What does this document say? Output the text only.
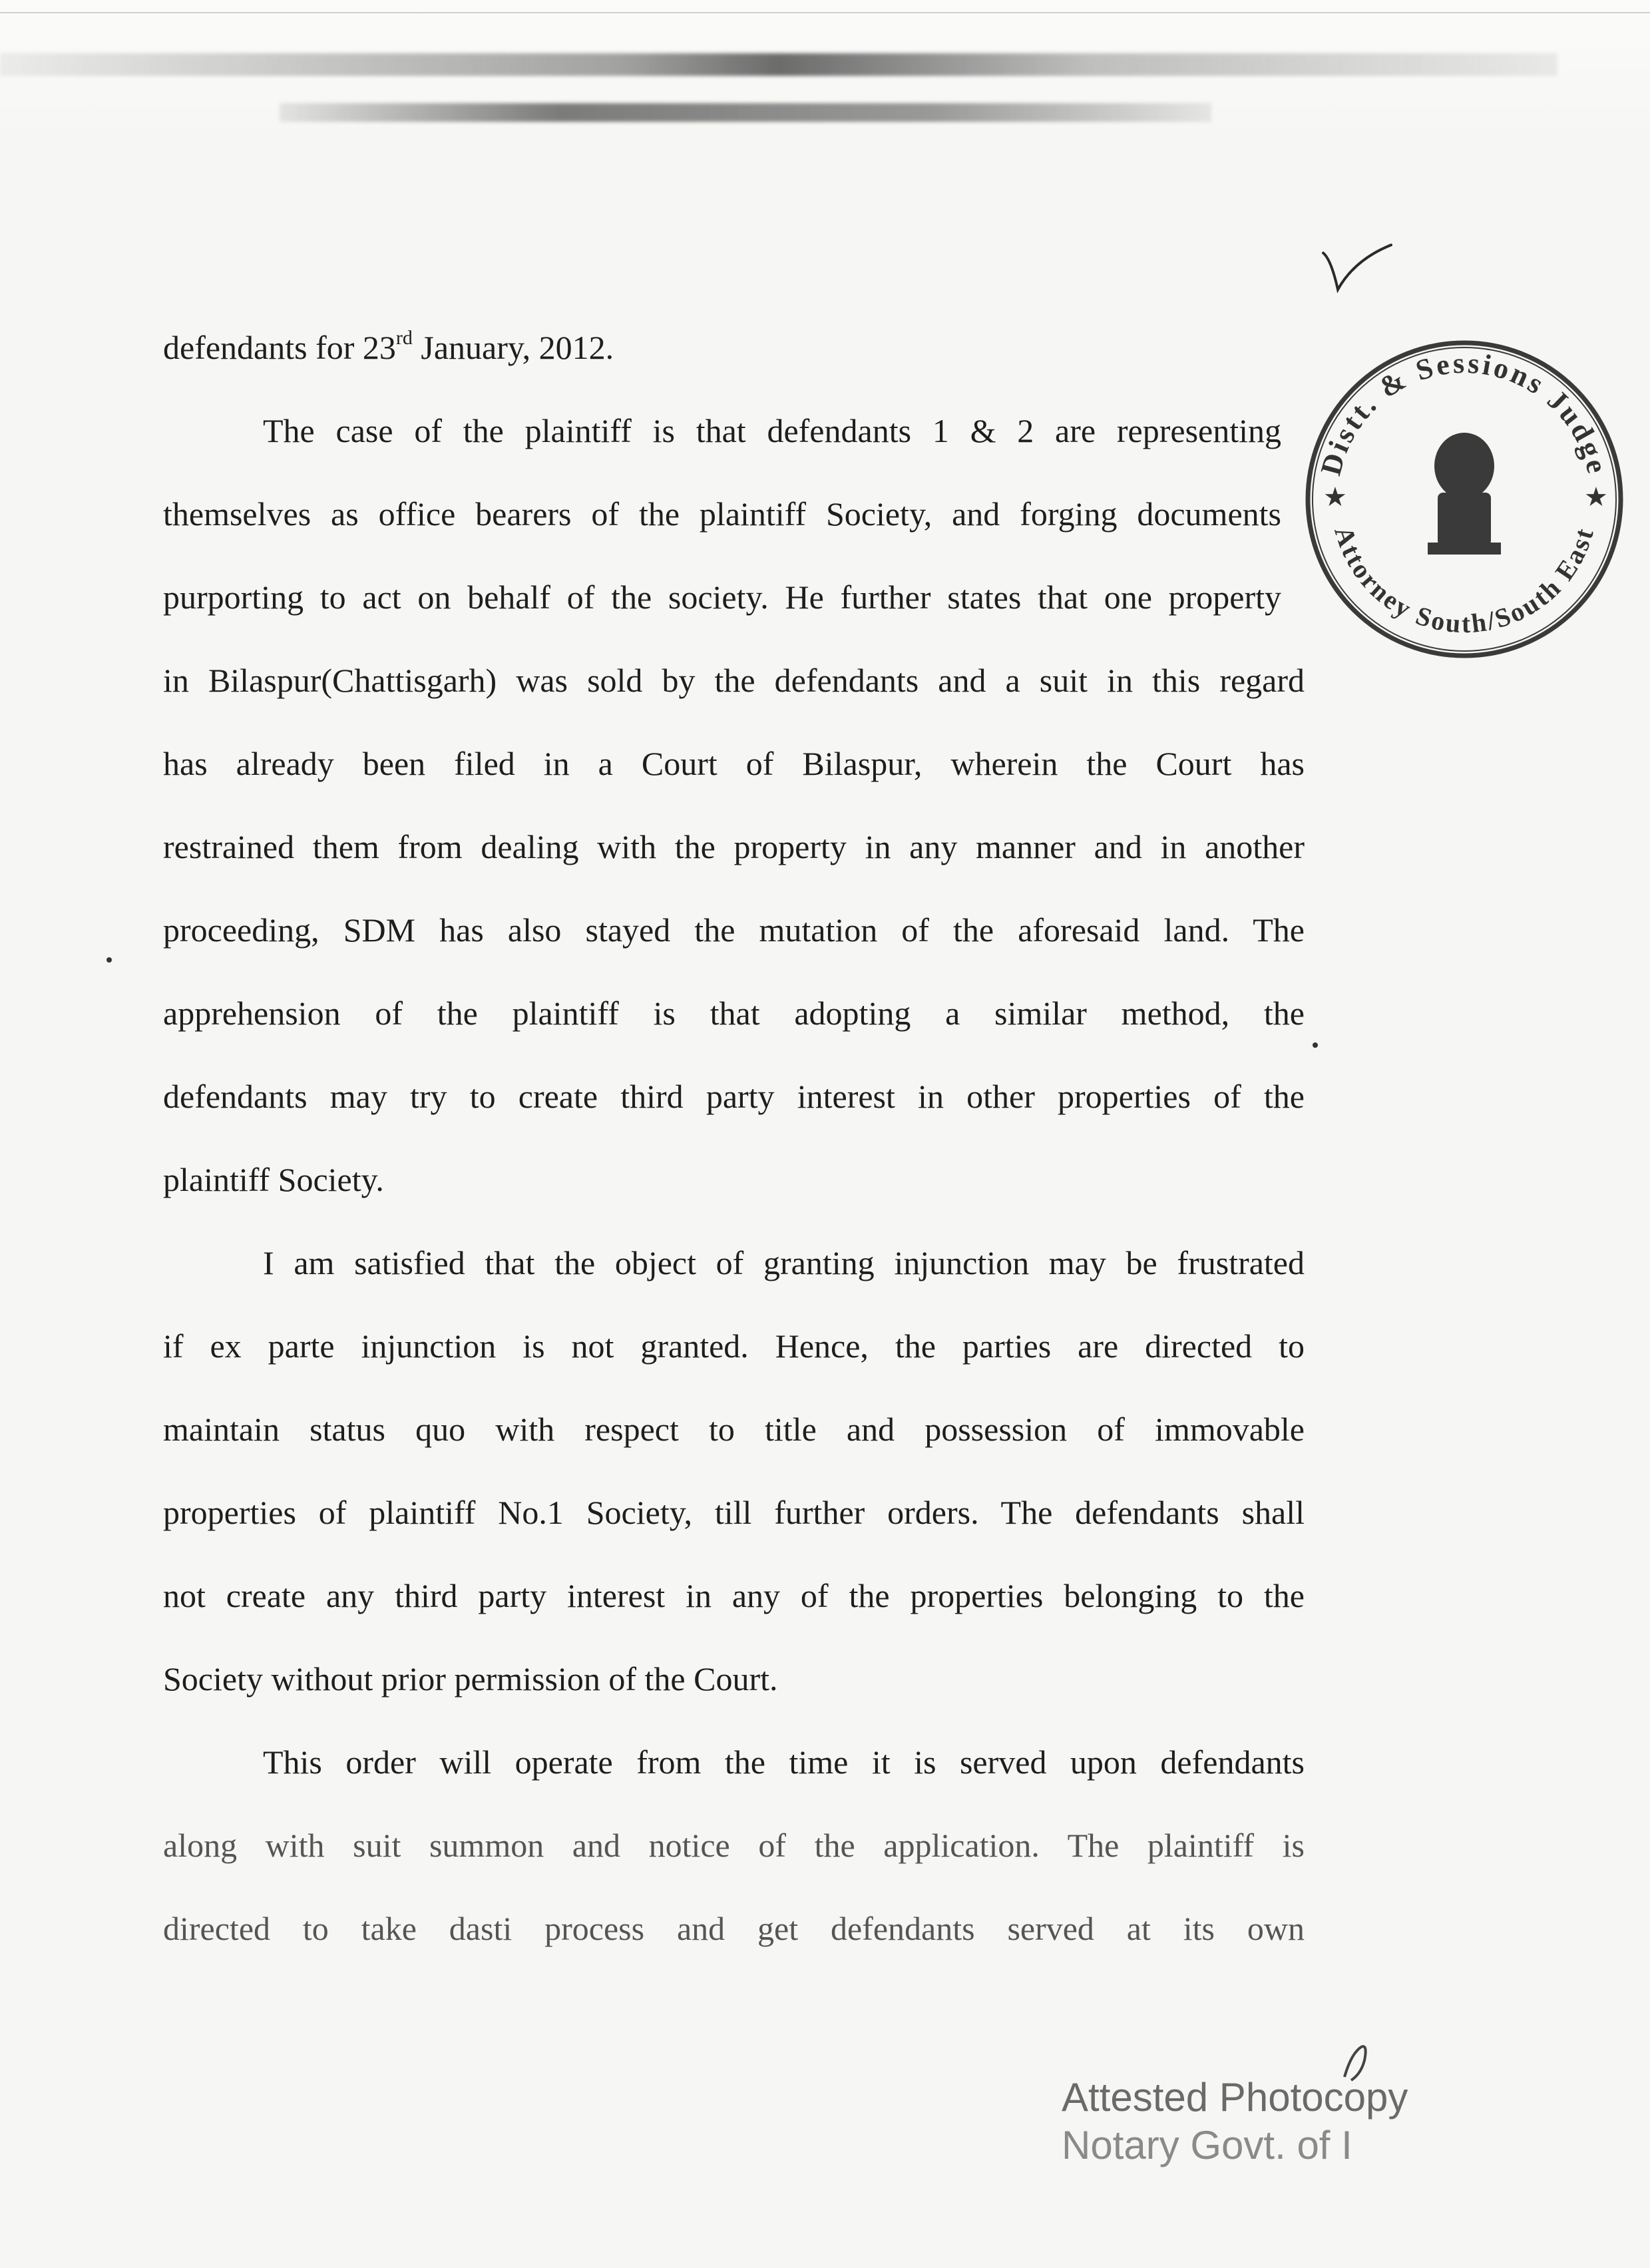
defendants for 23rd January, 2012.
The case of the plaintiff is that defendants 1 & 2 are representing
themselves as office bearers of the plaintiff Society, and forging documents
purporting to act on behalf of the society. He further states that one property
in Bilaspur(Chattisgarh) was sold by the defendants and a suit in this regard
has already been filed in a Court of Bilaspur, wherein the Court has
restrained them from dealing with the property in any manner and in another
proceeding, SDM has also stayed the mutation of the aforesaid land. The
apprehension of the plaintiff is that adopting a similar method, the
defendants may try to create third party interest in other properties of the
plaintiff Society.
I am satisfied that the object of granting injunction may be frustrated
if ex parte injunction is not granted. Hence, the parties are directed to
maintain status quo with respect to title and possession of immovable
properties of plaintiff No.1 Society, till further orders. The defendants shall
not create any third party interest in any of the properties belonging to the
Society without prior permission of the Court.
This order will operate from the time it is served upon defendants
along with suit summon and notice of the application. The plaintiff is
directed to take dasti process and get defendants served at its own
Distt. & Sessions Judge
Attorney South/South East
★	★
Attested Photocopy
Notary Govt. of I
